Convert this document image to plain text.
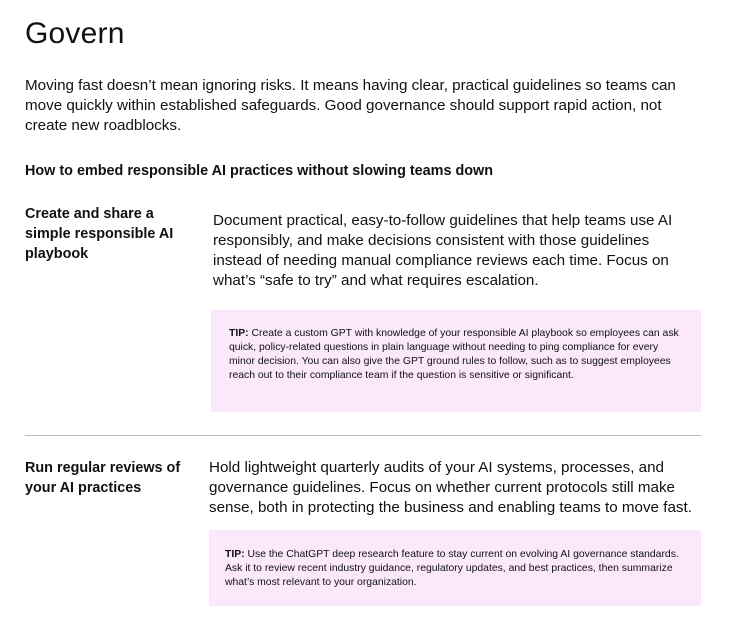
Govern

Moving fast doesn’t mean ignoring risks. It means having clear, practical guidelines so teams can move quickly within established safeguards. Good governance should support rapid action, not create new roadblocks.

How to embed responsible AI practices without slowing teams down
Create and share a simple responsible AI playbook

Document practical, easy-to-follow guidelines that help teams use AI responsibly, and make decisions consistent with those guidelines instead of needing manual compliance reviews each time. Focus on what’s “safe to try” and what requires escalation.

TIP: Create a custom GPT with knowledge of your responsible AI playbook so employees can ask quick, policy-related questions in plain language without needing to ping compliance for every minor decision. You can also give the GPT ground rules to follow, such as to suggest employees reach out to their compliance team if the question is sensitive or significant.

Run regular reviews of your AI practices

Hold lightweight quarterly audits of your AI systems, processes, and governance guidelines. Focus on whether current protocols still make sense, both in protecting the business and enabling teams to move fast.

TIP: Use the ChatGPT deep research feature to stay current on evolving AI governance standards. Ask it to review recent industry guidance, regulatory updates, and best practices, then summarize what’s most relevant to your organization.
